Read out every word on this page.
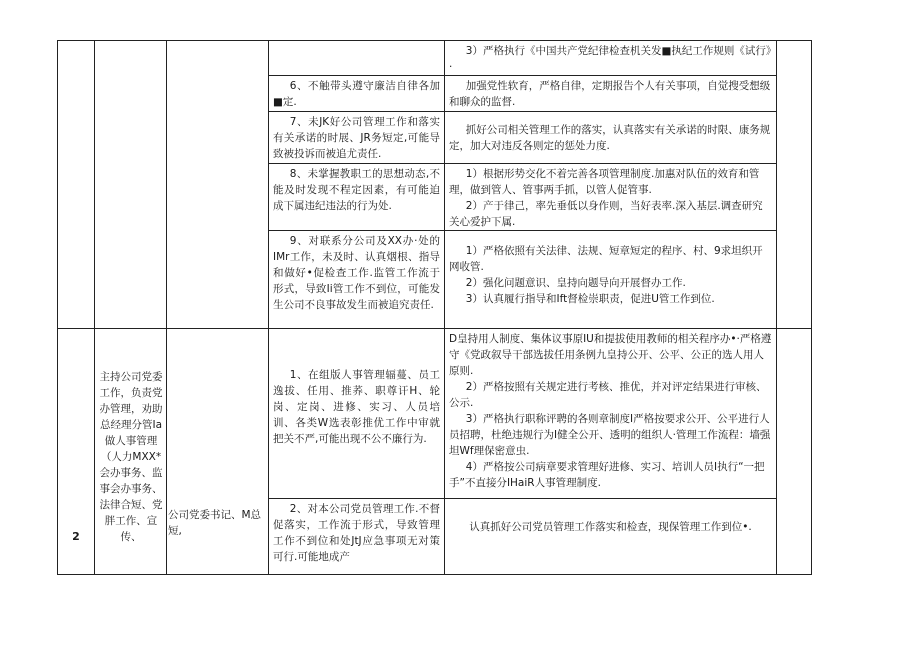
				3）严格执行《中国共产党纪律检查机关发■执纪工作规则《试行》·	

			6、不触带头遵守廉洁自律各加■定.	加强党性软育，严格自律，定期报告个人有关事项，自觉搜受想级和聊众的监督.	

			7、未JK好公司管理工作和落实有关承诺的时展、JR务短定,可能导致被投诉而被追尤责任.	抓好公司相关管理工作的落实，认真落实有关承诺的时限、康务规定，加大对违反各则定的惩处力度.	

			8、未掌握教职工的思想动态,不能及时发现不程定因素，有可能迫成下属违纪违法的行为处.	1）根据形势交化不着完善各项管理制度.加惠对队伍的效育和管理，做到管人、管事两手抓，以管人促管事.
2）产于律己，率先垂低以身作则，当好表率.深入基层.调查研究关心爱护下属.	

			9、对联系分公司及XX办·处的IMr工作，未及时、认真烟根、指导和做好•促检查工作.监管工作流于形式，导致Ii管工作不到位，可能发生公司不良事故发生而被追究责任.	1）严格依照有关法律、法规、短章短定的程序、村、9求坦织开网收管.
2）强化问题意识、皇持向题导向开展督办工作.
3）认真履行指导和Ift督检崇职责，促进U管工作到位.	

2	主持公司党委工作，负责党办管理，劝助总经理分管Ia做人事管理（人力MXX*会办事务、监事会办事务、法律合短、党胖工作、宣传、	公司党委书记、M总短,	1、在组版人事管理辐蔓、员工逸拔、任用、推荞、职尊讦H、轮岗、定岗、进修、实习、人员培训、各类W选表彰推优工作中审就把关不严,可能出现不公不廉行为.	D皇持用人制度、集体议事原IU和提拔使用教师的相关程序办•·严格遵守《党政叙导干部选拔任用条例九皇持公开、公平、公正的选人用人原则.
2）严格按照有关规定进行考核、推优，并对评定结果进行审核、公示.
3）严格执行职称评聘的各则章制度I严格按要求公开、公平进行人员招聘，杜绝违规行为I健全公开、透明的组织人·管理工作流程：墙强坦Wf理保密意虫.
4）严格按公司病章要求管理好进修、实习、培训人员I执行“一把手”不直接分IHaiR人事管理制度.	

			2、对本公司党员管理工作.不督促落实，工作流于形式，导致管理工作不到位和处JtJ应急事项无对策可行.可能地成产	认真抓好公司党员管理工作落实和检查，现保管理工作到位•.	
